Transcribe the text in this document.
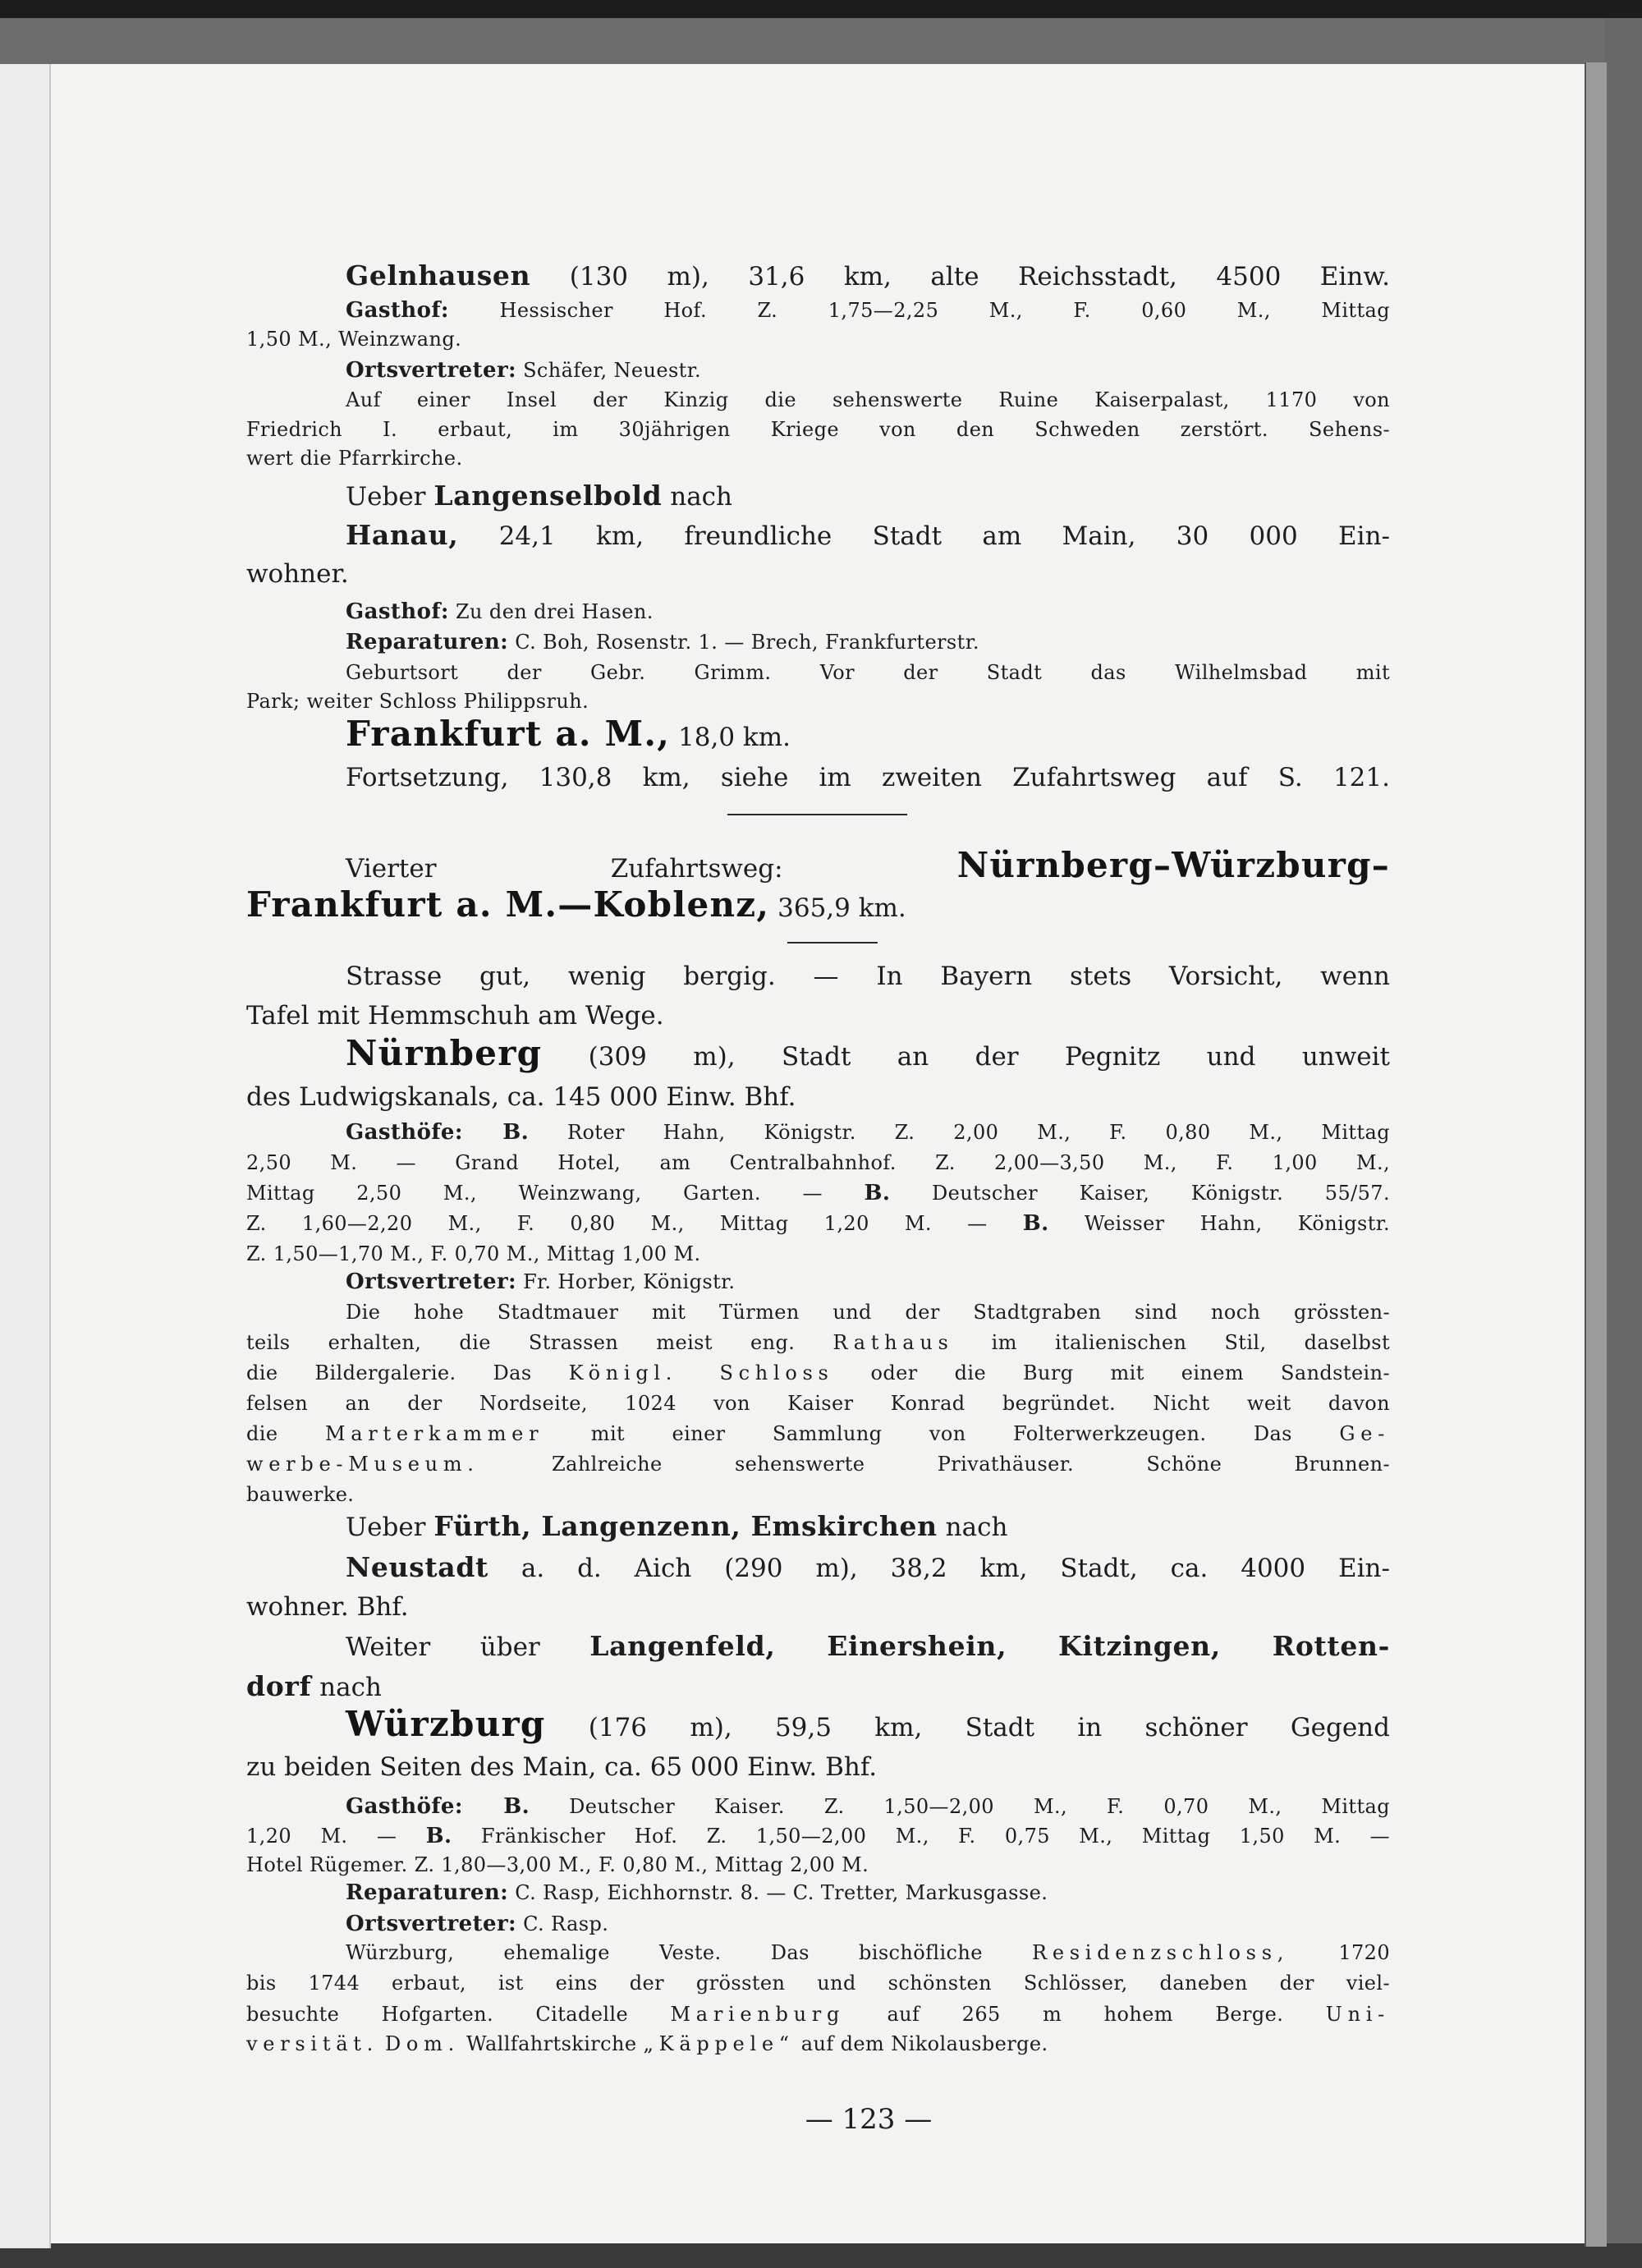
Gelnhausen (130 m), 31,6 km, alte Reichsstadt, 4500 Einw.
Gasthof:	Hessischer Hof. Z. 1,75—2,25 M., F. 0,60 M., Mittag
1,50 M., Weinzwang.
Ortsvertreter: Schäfer, Neuestr.
Auf einer Insel der Kinzig die sehenswerte Ruine Kaiserpalast, 1170 von
Friedrich I. erbaut, im 30jährigen Kriege von den Schweden zerstört. Sehens-
wert die Pfarrkirche.
Ueber Langenselbold nach
Hanau, 24,1 km, freundliche Stadt am Main, 30 000 Ein-
wohner.
Gasthof: Zu den drei Hasen.
Reparaturen: C. Boh, Rosenstr. 1. — Brech, Frankfurterstr.
Geburtsort der Gebr. Grimm. Vor der Stadt das Wilhelmsbad mit
Park; weiter Schloss Philippsruh.
Frankfurt a. M., 18,0 km.
Fortsetzung, 130,8 km, siehe im zweiten Zufahrtsweg auf S. 121.
Vierter Zufahrtsweg:	Nürnberg–Würzburg–
Frankfurt a. M.—Koblenz, 365,9 km.
Strasse gut, wenig bergig. — In Bayern stets Vorsicht, wenn
Tafel mit Hemmschuh am Wege.
Nürnberg (309 m), Stadt an der Pegnitz und unweit
des Ludwigskanals, ca. 145 000 Einw. Bhf.
Gasthöfe: B. Roter Hahn, Königstr. Z. 2,00 M., F. 0,80 M., Mittag
2,50 M. — Grand Hotel, am Centralbahnhof. Z. 2,00—3,50 M., F. 1,00 M.,
Mittag 2,50 M., Weinzwang, Garten. — B. Deutscher Kaiser, Königstr. 55/57.
Z. 1,60—2,20 M., F. 0,80 M., Mittag 1,20 M. — B. Weisser Hahn, Königstr.
Z. 1,50—1,70 M., F. 0,70 M., Mittag 1,00 M.
Ortsvertreter: Fr. Horber, Königstr.
Die hohe Stadtmauer mit Türmen und der Stadtgraben sind noch grössten-
teils erhalten, die Strassen meist eng. Rathaus im italienischen Stil, daselbst
die Bildergalerie. Das Königl. Schloss oder die Burg mit einem Sandstein-
felsen an der Nordseite, 1024 von Kaiser Konrad begründet. Nicht weit davon
die Marterkammer mit einer Sammlung von Folterwerkzeugen. Das Ge-
werbe-Museum.	Zahlreiche sehenswerte Privathäuser. Schöne Brunnen-
bauwerke.
Ueber Fürth, Langenzenn, Emskirchen nach
Neustadt a. d. Aich (290 m), 38,2 km, Stadt, ca. 4000 Ein-
wohner. Bhf.
Weiter über Langenfeld, Einershein, Kitzingen, Rotten-
dorf nach
Würzburg (176 m), 59,5 km, Stadt in schöner Gegend
zu beiden Seiten des Main, ca. 65 000 Einw. Bhf.
Gasthöfe: B. Deutscher Kaiser. Z. 1,50—2,00 M., F. 0,70 M., Mittag
1,20 M. — B. Fränkischer Hof. Z. 1,50—2,00 M., F. 0,75 M., Mittag 1,50 M. —
Hotel Rügemer. Z. 1,80—3,00 M., F. 0,80 M., Mittag 2,00 M.
Reparaturen: C. Rasp, Eichhornstr. 8. — C. Tretter, Markusgasse.
Ortsvertreter: C. Rasp.
Würzburg, ehemalige Veste. Das bischöfliche	Residenzschloss,	1720
bis 1744 erbaut, ist eins der grössten und schönsten Schlösser, daneben der viel-
besuchte Hofgarten. Citadelle Marienburg auf 265 m hohem Berge. Uni-
versität. Dom. Wallfahrtskirche „Käppele“ auf dem Nikolausberge.
— 123 —
